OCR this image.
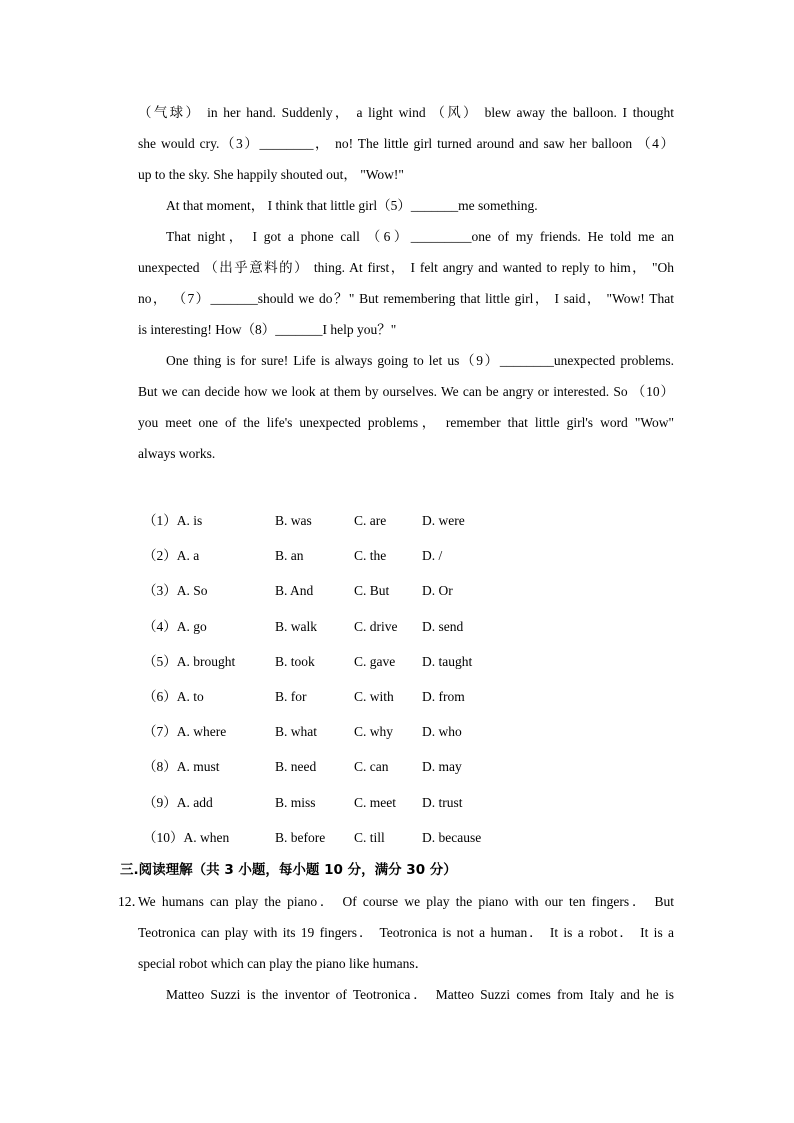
（气球） in her hand. Suddenly， a light wind （风） blew away the balloon. I thought
she would cry.（3）________， no! The little girl turned around and saw her balloon （4）
up to the sky. She happily shouted out， "Wow!"
At that moment， I think that little girl（5）_______me something.
That night， I got a phone call （6）_________one of my friends. He told me an
unexpected （出乎意料的） thing. At first， I felt angry and wanted to reply to him， "Oh
no， （7）_______should we do？" But remembering that little girl， I said， "Wow! That
is interesting! How（8）_______I help you？"
One thing is for sure! Life is always going to let us（9）________unexpected problems.
But we can decide how we look at them by ourselves. We can be angry or interested. So （10）
you meet one of the life's unexpected problems， remember that little girl's word "Wow"
always works.
（1）A. is	B. was	C. are	D. were
（2）A. a	B. an	C. the	D. /
（3）A. So	B. And	C. But D. Or
（4）A. go	B. walk	C. drive D. send
（5）A. brought	B. took	C. gave D. taught
（6）A. to	B. for	C. with D. from
（7）A. where	B. what	C. why D. who
（8）A. must	B. need	C. can D. may
（9）A. add	B. miss	C. meet D. trust
（10）A. when	B. before C. till	D. because
三.阅读理解（共 3 小题，每小题 10 分，满分 30 分）
12．
We humans can play the piano． Of course we play the piano with our ten fingers． But
Teotronica can play with its 19 fingers． Teotronica is not a human． It is a robot． It is a
special robot which can play the piano like humans．
Matteo Suzzi is the inventor of Teotronica． Matteo Suzzi comes from Italy and he is
